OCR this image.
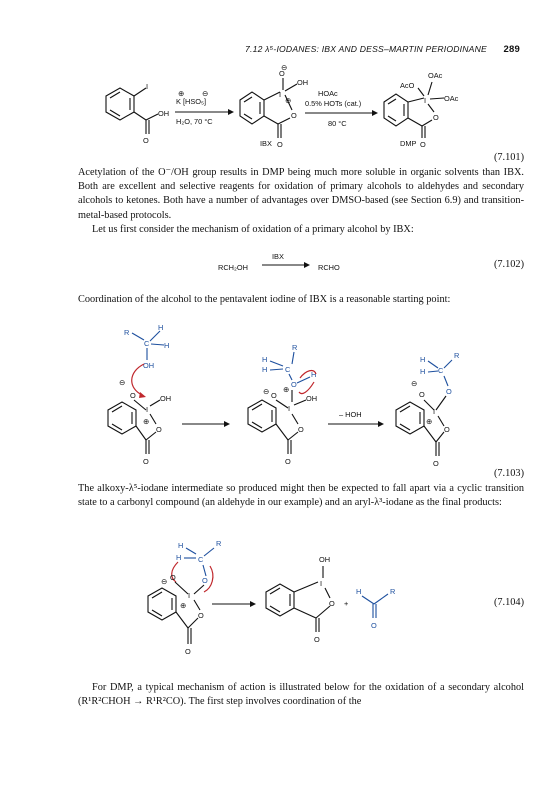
7.12 λ⁵-IODANES: IBX AND DESS–MARTIN PERIODINANE 289
I
O
OH
⊕ ⊖
K [HSO₅]
H₂O, 70 °C
I
O
⊖
OH
⊕
O
O
IBX
HOAc
0.5% HOTs (cat.)
80 °C
I
AcO
OAc
OAc
O
O
DMP
(7.101)

Acetylation of the O⁻/OH group results in DMP being much more soluble in organic solvents than IBX. Both are excellent and selective reagents for oxidation of primary alcohols to aldehydes and secondary alcohols to ketones. Both have a number of advantages over DMSO-based (see Section 6.9) and transition-metal-based protocols.

Let us first consider the mechanism of oxidation of a primary alcohol by IBX:

RCH₂OH
IBX
RCHO	(7.102)

Coordination of the alcohol to the pentavalent iodine of IBX is a reasonable starting point:

R
C
H
H
OH
⊖
O
I
OH
⊕
O
O
R
H
H C
O
H
⊕
⊖ O
I
OH
O
O
– HOH
R
H
H C
O
⊖
O
I
⊕
O
O
(7.103)

The alkoxy-λ⁵-iodane intermediate so produced might then be expected to fall apart via a cyclic transition state to a carbonyl compound (an aldehyde in our example) and an aryl-λ³-iodane as the final products:

H
H
R
C
O
⊖ O
I
⊕
O
O
OH
I
O
O
+
H	R
O
(7.104)

For DMP, a typical mechanism of action is illustrated below for the oxidation of a secondary alcohol (R¹R²CHOH → R¹R²CO). The first step involves coordination of the
